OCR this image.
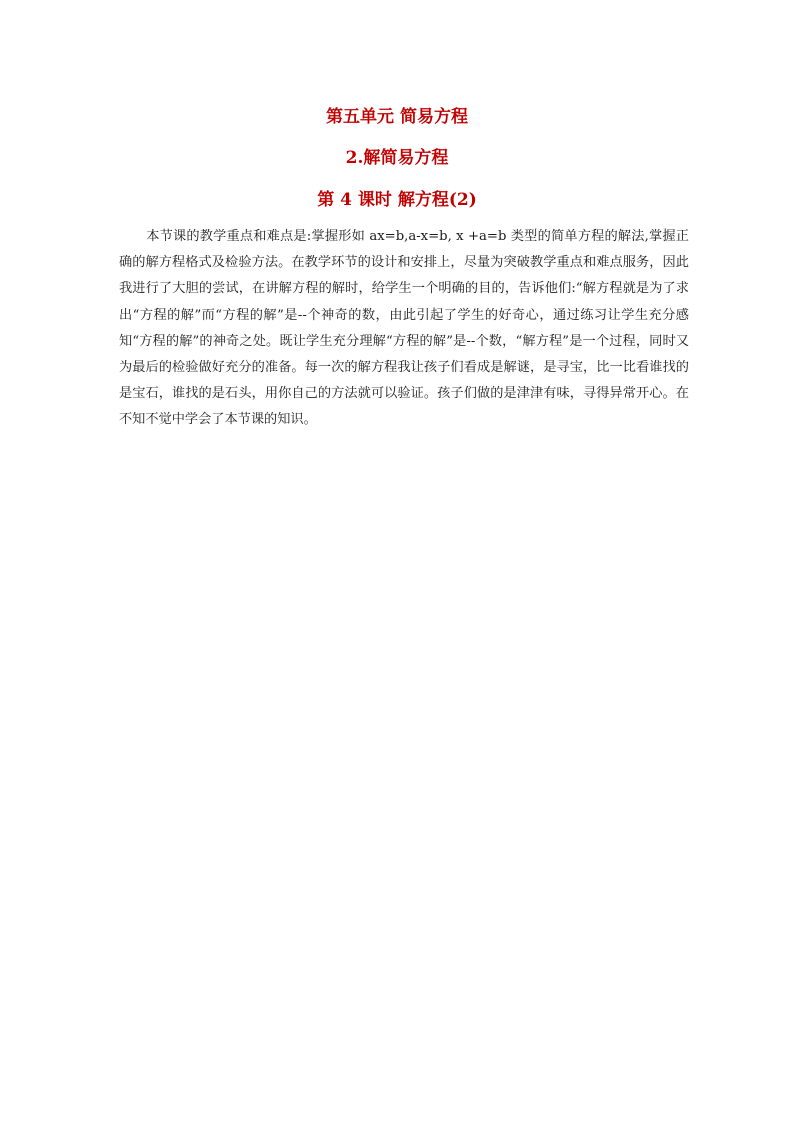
第五单元 简易方程
2.解简易方程
第 4 课时 解方程(2)

本节课的教学重点和难点是:掌握形如 ax=b,a-x=b, x +a=b 类型的简单方程的解法,掌握正确的解方程格式及检验方法。在教学环节的设计和安排上，尽量为突破教学重点和难点服务，因此我进行了大胆的尝试，在讲解方程的解时，给学生一个明确的目的，告诉他们:“解方程就是为了求出“方程的解”而“方程的解”是--个神奇的数，由此引起了学生的好奇心，通过练习让学生充分感知“方程的解”的神奇之处。既让学生充分理解“方程的解”是--个数，“解方程”是一个过程，同时又为最后的检验做好充分的准备。每一次的解方程我让孩子们看成是解谜，是寻宝，比一比看谁找的是宝石，谁找的是石头，用你自己的方法就可以验证。孩子们做的是津津有味，寻得异常开心。在不知不觉中学会了本节课的知识。
